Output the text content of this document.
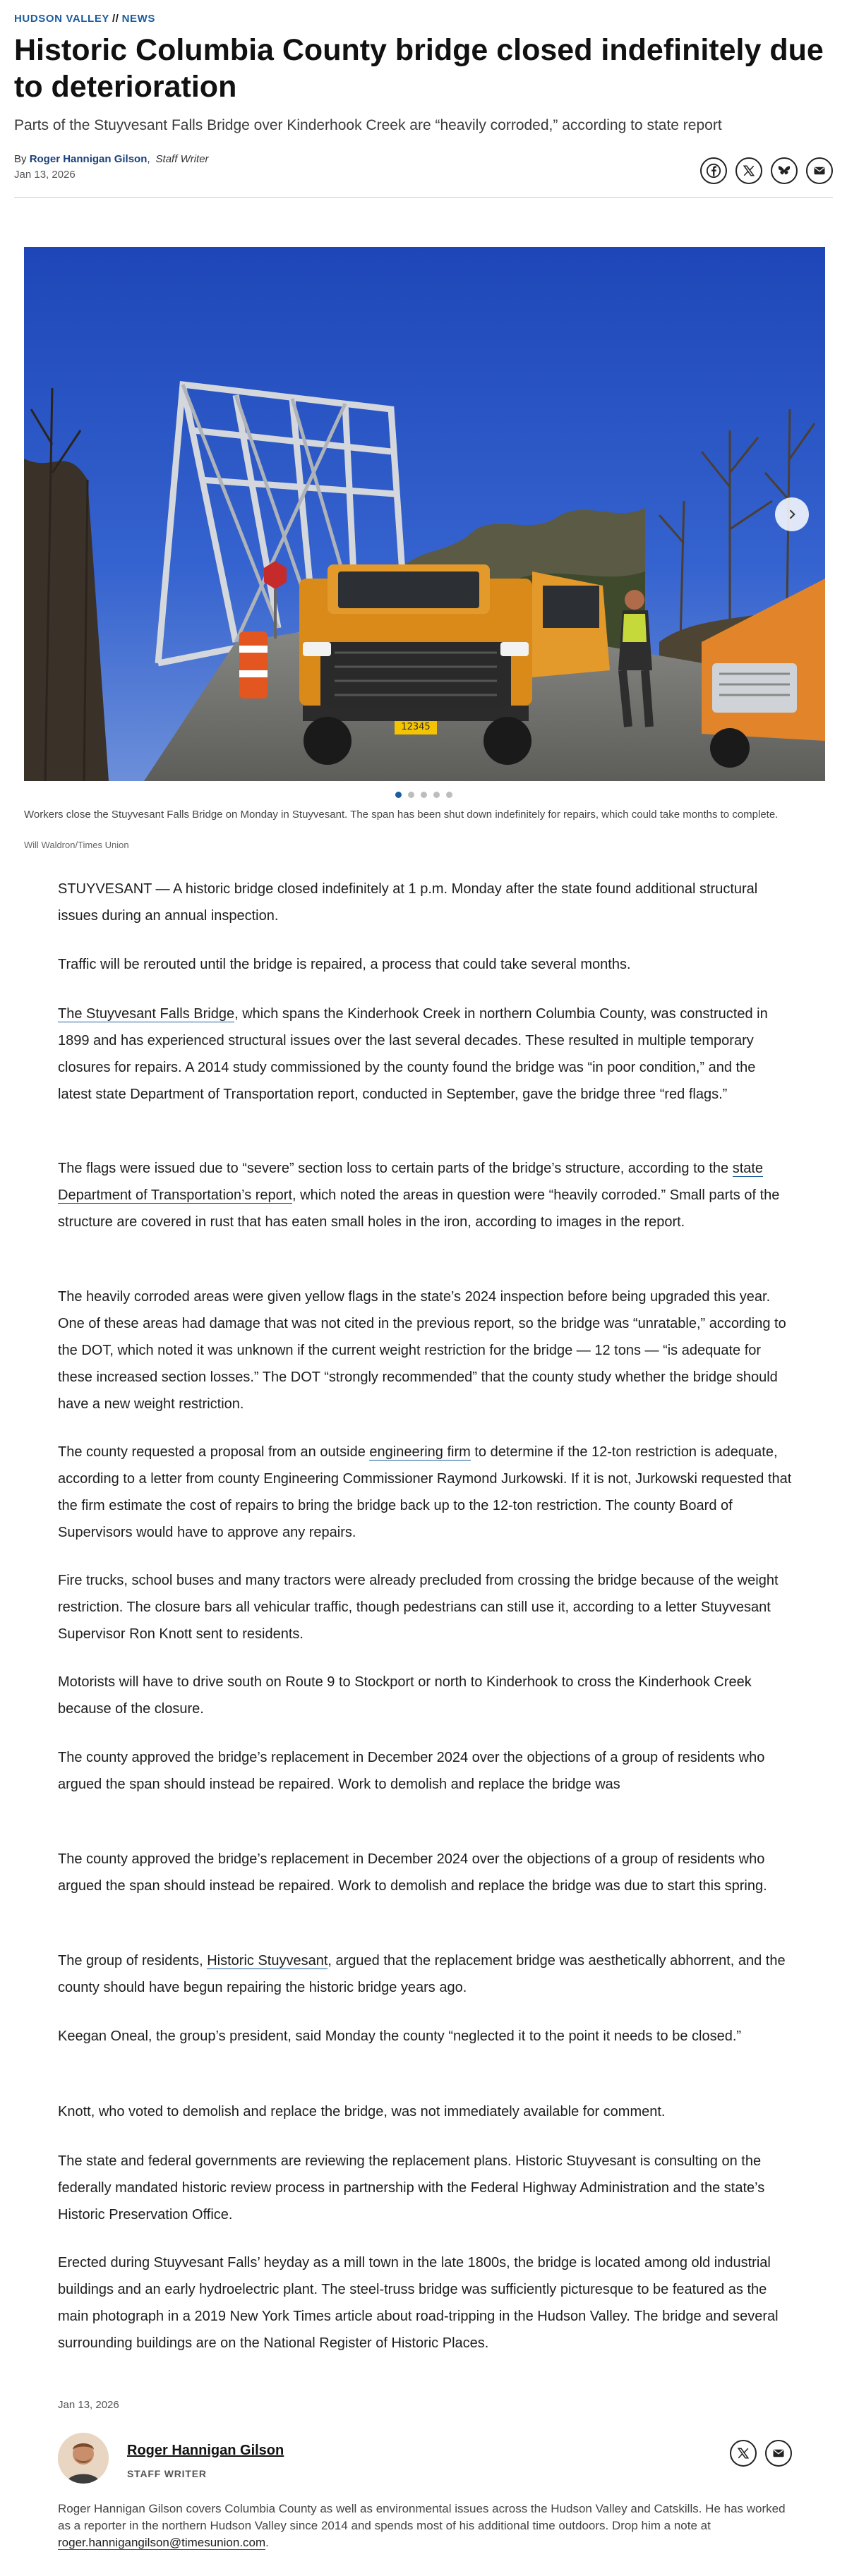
HUDSON VALLEY // NEWS
Historic Columbia County bridge closed indefinitely due to deterioration

Parts of the Stuyvesant Falls Bridge over Kinderhook Creek are “heavily corroded,” according to state report

By Roger Hannigan Gilson, Staff Writer
Jan 13, 2026
12345
Workers close the Stuyvesant Falls Bridge on Monday in Stuyvesant. The span has been shut down indefinitely for repairs, which could take months to complete.
Will Waldron/Times Union

STUYVESANT — A historic bridge closed indefinitely at 1 p.m. Monday after the state found additional structural issues during an annual inspection.

Traffic will be rerouted until the bridge is repaired, a process that could take several months.

The Stuyvesant Falls Bridge, which spans the Kinderhook Creek in northern Columbia County, was constructed in 1899 and has experienced structural issues over the last several decades. These resulted in multiple temporary closures for repairs. A 2014 study commissioned by the county found the bridge was “in poor condition,” and the latest state Department of Transportation report, conducted in September, gave the bridge three “red flags.”

The flags were issued due to “severe” section loss to certain parts of the bridge’s structure, according to the state Department of Transportation’s report, which noted the areas in question were “heavily corroded.” Small parts of the structure are covered in rust that has eaten small holes in the iron, according to images in the report.

The heavily corroded areas were given yellow flags in the state’s 2024 inspection before being upgraded this year. One of these areas had damage that was not cited in the previous report, so the bridge was “unratable,” according to the DOT, which noted it was unknown if the current weight restriction for the bridge — 12 tons — “is adequate for these increased section losses.” The DOT “strongly recommended” that the county study whether the bridge should have a new weight restriction.

The county requested a proposal from an outside engineering firm to determine if the 12-ton restriction is adequate, according to a letter from county Engineering Commissioner Raymond Jurkowski. If it is not, Jurkowski requested that the firm estimate the cost of repairs to bring the bridge back up to the 12-ton restriction. The county Board of Supervisors would have to approve any repairs.

Fire trucks, school buses and many tractors were already precluded from crossing the bridge because of the weight restriction. The closure bars all vehicular traffic, though pedestrians can still use it, according to a letter Stuyvesant Supervisor Ron Knott sent to residents.

Motorists will have to drive south on Route 9 to Stockport or north to Kinderhook to cross the Kinderhook Creek because of the closure.

The county approved the bridge’s replacement in December 2024 over the objections of a group of residents who argued the span should instead be repaired. Work to demolish and replace the bridge was

The county approved the bridge’s replacement in December 2024 over the objections of a group of residents who argued the span should instead be repaired. Work to demolish and replace the bridge was due to start this spring.

The group of residents, Historic Stuyvesant, argued that the replacement bridge was aesthetically abhorrent, and the county should have begun repairing the historic bridge years ago.

Keegan Oneal, the group’s president, said Monday the county “neglected it to the point it needs to be closed.”

Knott, who voted to demolish and replace the bridge, was not immediately available for comment.

The state and federal governments are reviewing the replacement plans. Historic Stuyvesant is consulting on the federally mandated historic review process in partnership with the Federal Highway Administration and the state’s Historic Preservation Office.

Erected during Stuyvesant Falls’ heyday as a mill town in the late 1800s, the bridge is located among old industrial buildings and an early hydroelectric plant. The steel-truss bridge was sufficiently picturesque to be featured as the main photograph in a 2019 New York Times article about road-tripping in the Hudson Valley. The bridge and several surrounding buildings are on the National Register of Historic Places.

Jan 13, 2026
Roger Hannigan Gilson
STAFF WRITER

Roger Hannigan Gilson covers Columbia County as well as environmental issues across the Hudson Valley and Catskills. He has worked as a reporter in the northern Hudson Valley since 2014 and spends most of his additional time outdoors. Drop him a note at roger.hannigangilson@timesunion.com.
